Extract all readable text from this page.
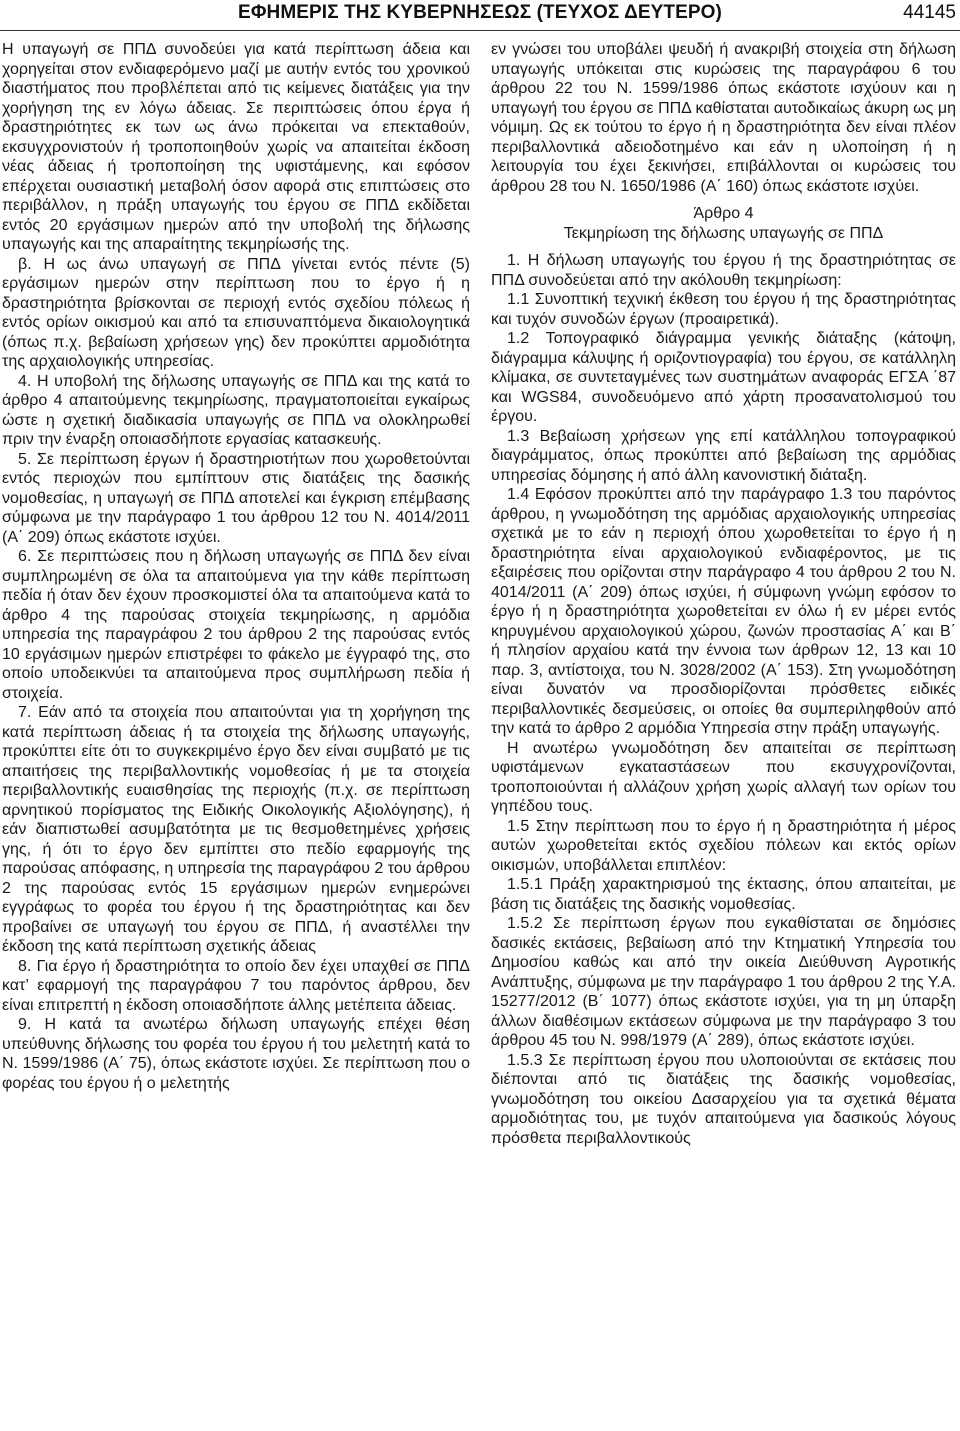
ΕΦΗΜΕΡΙΣ ΤΗΣ ΚΥΒΕΡΝΗΣΕΩΣ (ΤΕΥΧΟΣ ΔΕΥΤΕΡΟ)	44145

Η υπαγωγή σε ΠΠΔ συνοδεύει για κατά περίπτωση άδεια και χορηγείται στον ενδιαφερόμενο μαζί με αυτήν εντός του χρονικού διαστήματος που προβλέπεται από τις κείμενες διατάξεις για την χορήγηση της εν λόγω άδειας. Σε περιπτώσεις όπου έργα ή δραστηριότητες εκ των ως άνω πρόκειται να επεκταθούν, εκσυγχρονιστούν ή τροποποιηθούν χωρίς να απαιτείται έκδοση νέας άδειας ή τροποποίηση της υφιστάμενης, και εφόσον επέρχεται ουσιαστική μεταβολή όσον αφορά στις επιπτώσεις στο περιβάλλον, η πράξη υπαγωγής του έργου σε ΠΠΔ εκδίδεται εντός 20 εργάσιμων ημερών από την υποβολή της δήλωσης υπαγωγής και της απαραίτητης τεκμηρίωσής της.

β. Η ως άνω υπαγωγή σε ΠΠΔ γίνεται εντός πέντε (5) εργάσιμων ημερών στην περίπτωση που το έργο ή η δραστηριότητα βρίσκονται σε περιοχή εντός σχεδίου πόλεως ή εντός ορίων οικισμού και από τα επισυναπτόμενα δικαιολογητικά (όπως π.χ. βεβαίωση χρήσεων γης) δεν προκύπτει αρμοδιότητα της αρχαιολογικής υπηρεσίας.

4. Η υποβολή της δήλωσης υπαγωγής σε ΠΠΔ και της κατά το άρθρο 4 απαιτούμενης τεκμηρίωσης, πραγματοποιείται εγκαίρως ώστε η σχετική διαδικασία υπαγωγής σε ΠΠΔ να ολοκληρωθεί πριν την έναρξη οποιασδήποτε εργασίας κατασκευής.

5. Σε περίπτωση έργων ή δραστηριοτήτων που χωροθετούνται εντός περιοχών που εμπίπτουν στις διατάξεις της δασικής νομοθεσίας, η υπαγωγή σε ΠΠΔ αποτελεί και έγκριση επέμβασης σύμφωνα με την παράγραφο 1 του άρθρου 12 του Ν. 4014/2011 (Α΄ 209) όπως εκάστοτε ισχύει.

6. Σε περιπτώσεις που η δήλωση υπαγωγής σε ΠΠΔ δεν είναι συμπληρωμένη σε όλα τα απαιτούμενα για την κάθε περίπτωση πεδία ή όταν δεν έχουν προσκομιστεί όλα τα απαιτούμενα κατά το άρθρο 4 της παρούσας στοιχεία τεκμηρίωσης, η αρμόδια υπηρεσία της παραγράφου 2 του άρθρου 2 της παρούσας εντός 10 εργάσιμων ημερών επιστρέφει το φάκελο με έγγραφό της, στο οποίο υποδεικνύει τα απαιτούμενα προς συμπλήρωση πεδία ή στοιχεία.

7. Εάν από τα στοιχεία που απαιτούνται για τη χορήγηση της κατά περίπτωση άδειας ή τα στοιχεία της δήλωσης υπαγωγής, προκύπτει είτε ότι το συγκεκριμένο έργο δεν είναι συμβατό με τις απαιτήσεις της περιβαλλοντικής νομοθεσίας ή με τα στοιχεία περιβαλλοντικής ευαισθησίας της περιοχής (π.χ. σε περίπτωση αρνητικού πορίσματος της Ειδικής Οικολογικής Αξιολόγησης), ή εάν διαπιστωθεί ασυμβατότητα με τις θεσμοθετημένες χρήσεις γης, ή ότι το έργο δεν εμπίπτει στο πεδίο εφαρμογής της παρούσας απόφασης, η υπηρεσία της παραγράφου 2 του άρθρου 2 της παρούσας εντός 15 εργάσιμων ημερών ενημερώνει εγγράφως το φορέα του έργου ή της δραστηριότητας και δεν προβαίνει σε υπαγωγή του έργου σε ΠΠΔ, ή αναστέλλει την έκδοση της κατά περίπτωση σχετικής άδειας

8. Για έργο ή δραστηριότητα το οποίο δεν έχει υπαχθεί σε ΠΠΔ κατ’ εφαρμογή της παραγράφου 7 του παρόντος άρθρου, δεν είναι επιτρεπτή η έκδοση οποιασδήποτε άλλης μετέπειτα άδειας.

9. Η κατά τα ανωτέρω δήλωση υπαγωγής επέχει θέση υπεύθυνης δήλωσης του φορέα του έργου ή του μελετητή κατά το Ν. 1599/1986 (Α΄ 75), όπως εκάστοτε ισχύει. Σε περίπτωση που ο φορέας του έργου ή ο μελετητής

εν γνώσει του υποβάλει ψευδή ή ανακριβή στοιχεία στη δήλωση υπαγωγής υπόκειται στις κυρώσεις της παραγράφου 6 του άρθρου 22 του Ν. 1599/1986 όπως εκάστοτε ισχύουν και η υπαγωγή του έργου σε ΠΠΔ καθίσταται αυτοδικαίως άκυρη ως μη νόμιμη. Ως εκ τούτου το έργο ή η δραστηριότητα δεν είναι πλέον περιβαλλοντικά αδειοδοτημένο και εάν η υλοποίηση ή η λειτουργία του έχει ξεκινήσει, επιβάλλονται οι κυρώσεις του άρθρου 28 του Ν. 1650/1986 (Α΄ 160) όπως εκάστοτε ισχύει.

Άρθρο 4

Τεκμηρίωση της δήλωσης υπαγωγής σε ΠΠΔ

1. Η δήλωση υπαγωγής του έργου ή της δραστηριότητας σε ΠΠΔ συνοδεύεται από την ακόλουθη τεκμηρίωση:

1.1 Συνοπτική τεχνική έκθεση του έργου ή της δραστηριότητας και τυχόν συνοδών έργων (προαιρετικά).

1.2 Τοπογραφικό διάγραμμα γενικής διάταξης (κάτοψη, διάγραμμα κάλυψης ή οριζοντιογραφία) του έργου, σε κατάλληλη κλίμακα, σε συντεταγμένες των συστημάτων αναφοράς ΕΓΣΑ ΄87 και WGS84, συνοδευόμενο από χάρτη προσανατολισμού του έργου.

1.3 Βεβαίωση χρήσεων γης επί κατάλληλου τοπογραφικού διαγράμματος, όπως προκύπτει από βεβαίωση της αρμόδιας υπηρεσίας δόμησης ή από άλλη κανονιστική διάταξη.

1.4 Εφόσον προκύπτει από την παράγραφο 1.3 του παρόντος άρθρου, η γνωμοδότηση της αρμόδιας αρχαιολογικής υπηρεσίας σχετικά με το εάν η περιοχή όπου χωροθετείται το έργο ή η δραστηριότητα είναι αρχαιολογικού ενδιαφέροντος, με τις εξαιρέσεις που ορίζονται στην παράγραφο 4 του άρθρου 2 του Ν. 4014/2011 (Α΄ 209) όπως ισχύει, ή σύμφωνη γνώμη εφόσον το έργο ή η δραστηριότητα χωροθετείται εν όλω ή εν μέρει εντός κηρυγμένου αρχαιολογικού χώρου, ζωνών προστασίας Α΄ και Β΄ ή πλησίον αρχαίου κατά την έννοια των άρθρων 12, 13 και 10 παρ. 3, αντίστοιχα, του Ν. 3028/2002 (Α΄ 153). Στη γνωμοδότηση είναι δυνατόν να προσδιορίζονται πρόσθετες ειδικές περιβαλλοντικές δεσμεύσεις, οι οποίες θα συμπεριληφθούν από την κατά το άρθρο 2 αρμόδια Υπηρεσία στην πράξη υπαγωγής.

Η ανωτέρω γνωμοδότηση δεν απαιτείται σε περίπτωση υφιστάμενων εγκαταστάσεων που εκσυγχρονίζονται, τροποποιούνται ή αλλάζουν χρήση χωρίς αλλαγή των ορίων του γηπέδου τους.

1.5 Στην περίπτωση που το έργο ή η δραστηριότητα ή μέρος αυτών χωροθετείται εκτός σχεδίου πόλεων και εκτός ορίων οικισμών, υποβάλλεται επιπλέον:

1.5.1 Πράξη χαρακτηρισμού της έκτασης, όπου απαιτείται, με βάση τις διατάξεις της δασικής νομοθεσίας.

1.5.2 Σε περίπτωση έργων που εγκαθίσταται σε δημόσιες δασικές εκτάσεις, βεβαίωση από την Κτηματική Υπηρεσία του Δημοσίου καθώς και από την οικεία Διεύθυνση Αγροτικής Ανάπτυξης, σύμφωνα με την παράγραφο 1 του άρθρου 2 της Υ.Α. 15277/2012 (Β΄ 1077) όπως εκάστοτε ισχύει, για τη μη ύπαρξη άλλων διαθέσιμων εκτάσεων σύμφωνα με την παράγραφο 3 του άρθρου 45 του Ν. 998/1979 (Α΄ 289), όπως εκάστοτε ισχύει.

1.5.3 Σε περίπτωση έργου που υλοποιούνται σε εκτάσεις που διέπονται από τις διατάξεις της δασικής νομοθεσίας, γνωμοδότηση του οικείου Δασαρχείου για τα σχετικά θέματα αρμοδιότητας του, με τυχόν απαιτούμενα για δασικούς λόγους πρόσθετα περιβαλλοντικούς
